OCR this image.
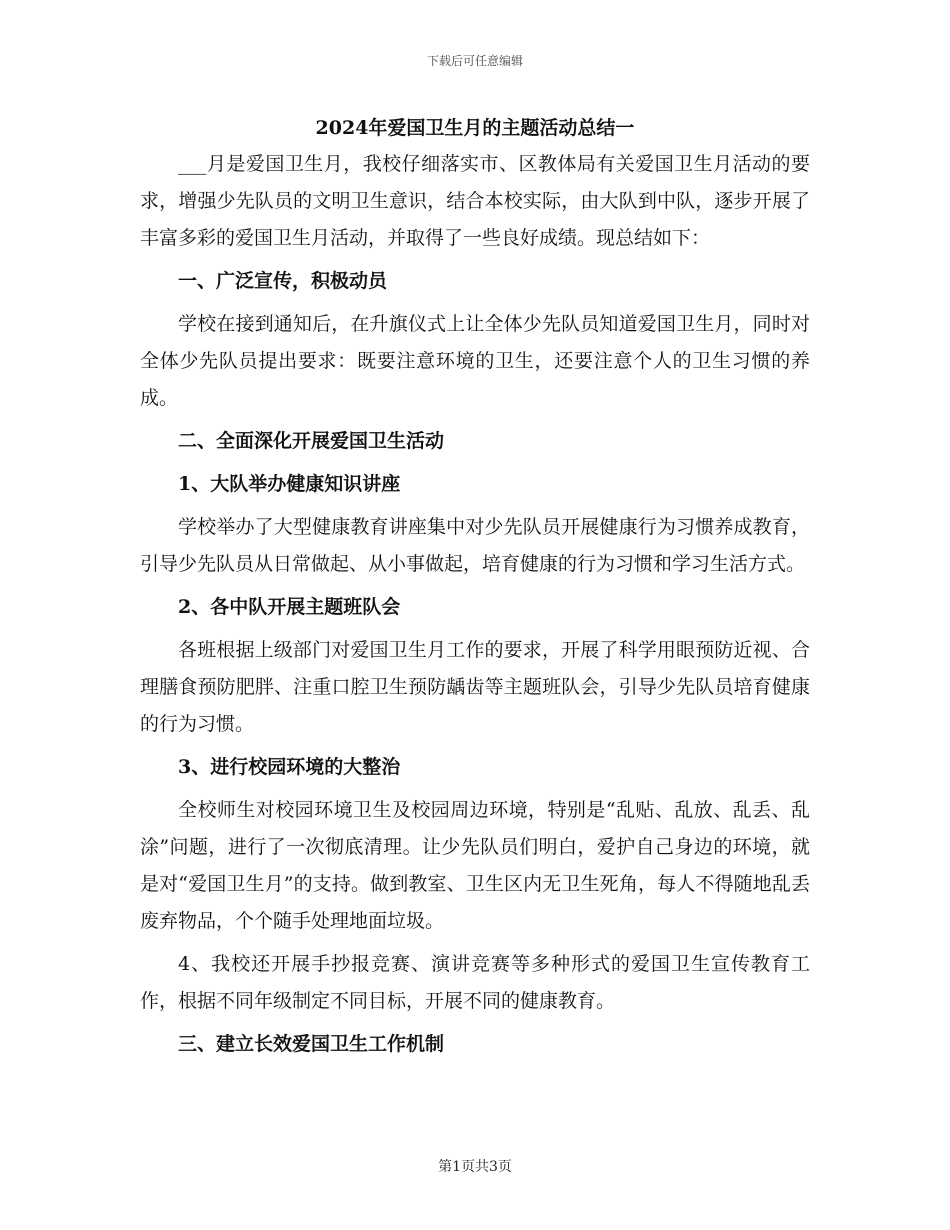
下载后可任意编辑
2024年爱国卫生月的主题活动总结一

___月是爱国卫生月，我校仔细落实市、区教体局有关爱国卫生月活动的要求，增强少先队员的文明卫生意识，结合本校实际，由大队到中队，逐步开展了丰富多彩的爱国卫生月活动，并取得了一些良好成绩。现总结如下：

一、广泛宣传，积极动员

学校在接到通知后，在升旗仪式上让全体少先队员知道爱国卫生月，同时对全体少先队员提出要求：既要注意环境的卫生，还要注意个人的卫生习惯的养成。

二、全面深化开展爱国卫生活动

1、大队举办健康知识讲座

学校举办了大型健康教育讲座集中对少先队员开展健康行为习惯养成教育，引导少先队员从日常做起、从小事做起，培育健康的行为习惯和学习生活方式。

2、各中队开展主题班队会

各班根据上级部门对爱国卫生月工作的要求，开展了科学用眼预防近视、合理膳食预防肥胖、注重口腔卫生预防龋齿等主题班队会，引导少先队员培育健康的行为习惯。

3、进行校园环境的大整治

全校师生对校园环境卫生及校园周边环境，特别是“乱贴、乱放、乱丢、乱涂”问题，进行了一次彻底清理。让少先队员们明白，爱护自己身边的环境，就是对“爱国卫生月”的支持。做到教室、卫生区内无卫生死角，每人不得随地乱丢废弃物品，个个随手处理地面垃圾。

4、我校还开展手抄报竞赛、演讲竞赛等多种形式的爱国卫生宣传教育工作，根据不同年级制定不同目标，开展不同的健康教育。

三、建立长效爱国卫生工作机制

第1页共3页
